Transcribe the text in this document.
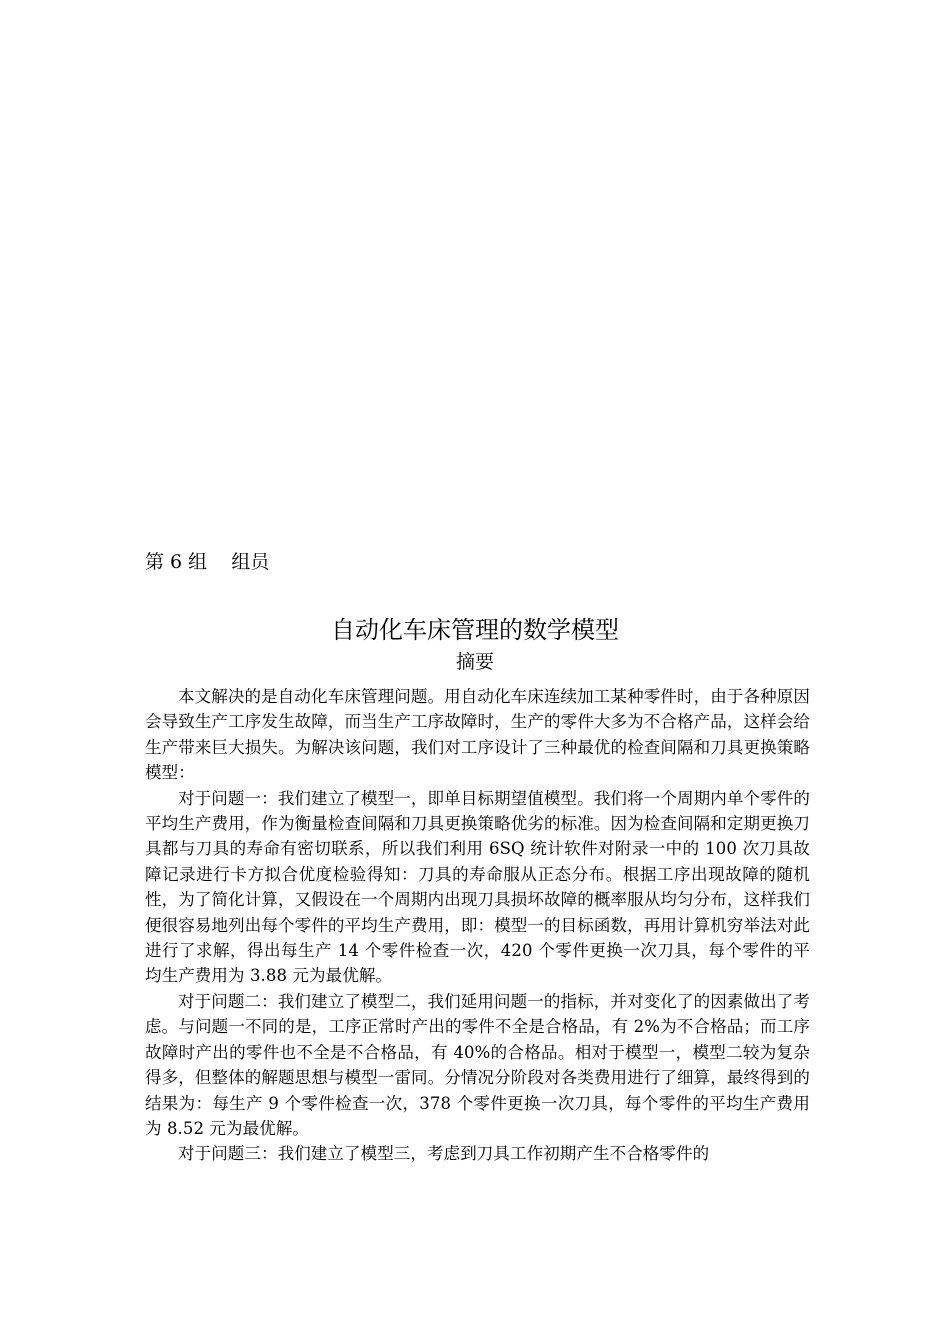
第 6 组    组员
自动化车床管理的数学模型
摘要

本文解决的是自动化车床管理问题。用自动化车床连续加工某种零件时，由于各种原因会导致生产工序发生故障，而当生产工序故障时，生产的零件大多为不合格产品，这样会给生产带来巨大损失。为解决该问题，我们对工序设计了三种最优的检查间隔和刀具更换策略模型：

对于问题一：我们建立了模型一，即单目标期望值模型。我们将一个周期内单个零件的平均生产费用，作为衡量检查间隔和刀具更换策略优劣的标准。因为检查间隔和定期更换刀具都与刀具的寿命有密切联系，所以我们利用 6SQ 统计软件对附录一中的 100 次刀具故障记录进行卡方拟合优度检验得知：刀具的寿命服从正态分布。根据工序出现故障的随机性，为了简化计算，又假设在一个周期内出现刀具损坏故障的概率服从均匀分布，这样我们便很容易地列出每个零件的平均生产费用，即：模型一的目标函数，再用计算机穷举法对此进行了求解，得出每生产 14 个零件检查一次，420 个零件更换一次刀具，每个零件的平均生产费用为 3.88 元为最优解。

对于问题二：我们建立了模型二，我们延用问题一的指标，并对变化了的因素做出了考虑。与问题一不同的是，工序正常时产出的零件不全是合格品，有 2%为不合格品；而工序故障时产出的零件也不全是不合格品，有 40%的合格品。相对于模型一，模型二较为复杂得多，但整体的解题思想与模型一雷同。分情况分阶段对各类费用进行了细算，最终得到的结果为：每生产 9 个零件检查一次，378 个零件更换一次刀具，每个零件的平均生产费用为 8.52 元为最优解。

对于问题三：我们建立了模型三，考虑到刀具工作初期产生不合格零件的
